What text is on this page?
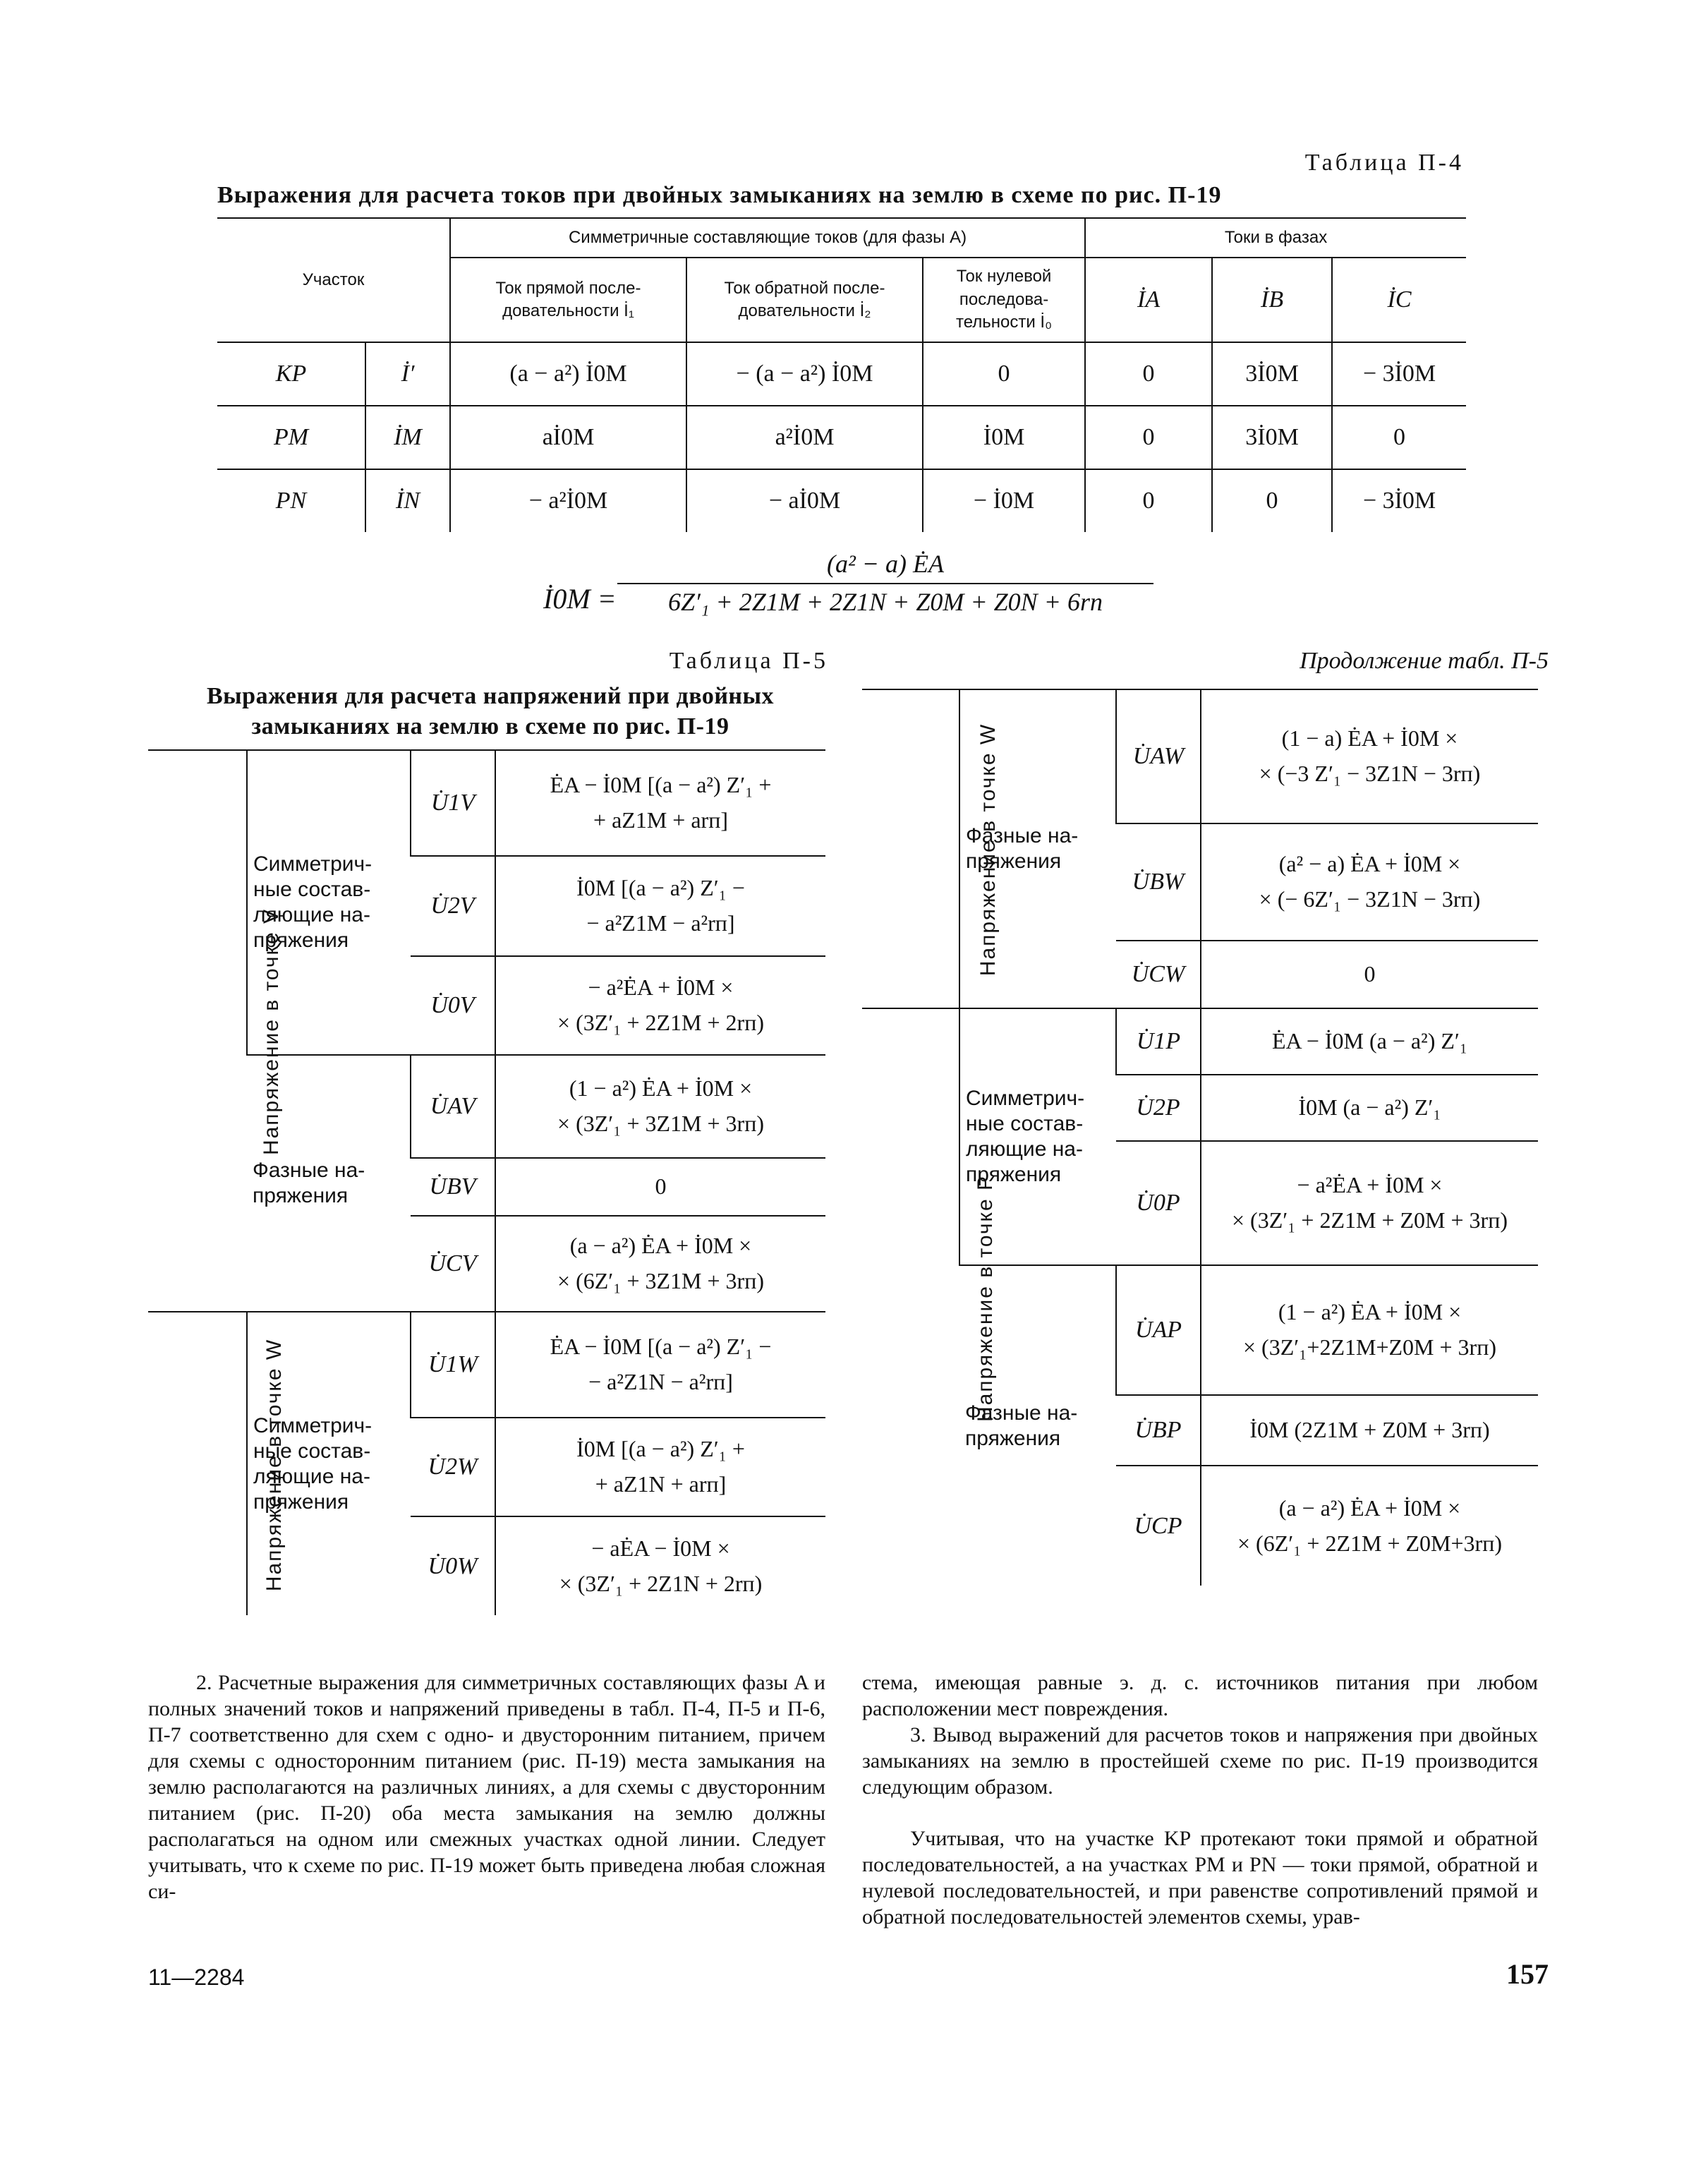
Таблица П-4
Выражения для расчета токов при двойных замыканиях на землю в схеме по рис. П-19
Участок		Симметричные составляющие токов (для фазы A)			Токи в фазах		
		Ток прямой после-довательности İ₁	Ток обратной после-довательности İ₂	Ток нулевой последова-тельности İ₀	İA	İB	İC
KP	İ′	(a − a²) İ0M	− (a − a²) İ0M	0	0	3İ0M	− 3İ0M
PM	İM	aİ0M	a²İ0M	İ0M	0	3İ0M	0
PN	İN	− a²İ0M	− aİ0M	− İ0M	0	0	− 3İ0M
İ0M =
(a² − a) ĖA
6Z′₁ + 2Z1M + 2Z1N + Z0M + Z0N + 6rп
Таблица П-5
Выражения для расчета напряжений при двойных замыканиях на землю в схеме по рис. П-19
Продолжение табл. П-5
Напряжение в точке V	Симметрич-ные состав-ляющие на-пряжения	U̇1V	ĖA − İ0M [(a − a²) Z′₁ +
+ aZ1M + arп]

		U̇2V	İ0M [(a − a²) Z′₁ −
− a²Z1M − a²rп]

		U̇0V	− a²ĖA + İ0M ×
× (3Z′₁ + 2Z1M + 2rп)

	Фазные на-пряжения	U̇AV	(1 − a²) ĖA + İ0M ×
× (3Z′₁ + 3Z1M + 3rп)

		U̇BV	0

		U̇CV	(a − a²) ĖA + İ0M ×
× (6Z′₁ + 3Z1M + 3rп)

Напряжение в точке W	Симметрич-ные состав-ляющие на-пряжения	U̇1W	ĖA − İ0M [(a − a²) Z′₁ −
− a²Z1N − a²rп]

		U̇2W	İ0M [(a − a²) Z′₁ +
+ aZ1N + arп]

		U̇0W	− aĖA − İ0M ×
× (3Z′₁ + 2Z1N + 2rп)
Напряжение в точке W	Фазные на-пряжения	U̇AW	(1 − a) ĖA + İ0M ×
× (−3 Z′₁ − 3Z1N − 3rп)

		U̇BW	(a² − a) ĖA + İ0M ×
× (− 6Z′₁ − 3Z1N − 3rп)

		U̇CW	0

Напряжение в точке P	Симметрич-ные состав-ляющие на-пряжения	U̇1P	ĖA − İ0M (a − a²) Z′₁

		U̇2P	İ0M (a − a²) Z′₁

		U̇0P	− a²ĖA + İ0M ×
× (3Z′₁ + 2Z1M + Z0M + 3rп)

	Фазные на-пряжения	U̇AP	(1 − a²) ĖA + İ0M ×
× (3Z′₁+2Z1M+Z0M + 3rп)

		U̇BP	İ0M (2Z1M + Z0M + 3rп)

		U̇CP	(a − a²) ĖA + İ0M ×
× (6Z′₁ + 2Z1M + Z0M+3rп)
2. Расчетные выражения для симметричных составляющих фазы A и полных значений токов и напряжений приведены в табл. П-4, П-5 и П-6, П-7 соответственно для схем с одно- и двусторонним питанием, причем для схемы с односторонним питанием (рис. П-19) места замыкания на землю располагаются на различных линиях, а для схемы с двусторонним питанием (рис. П-20) оба места замыкания на землю должны располагаться на одном или смежных участках одной линии. Следует учитывать, что к схеме по рис. П-19 может быть приведена любая сложная си-
стема, имеющая равные э. д. с. источников питания при любом расположении мест повреждения.
3. Вывод выражений для расчетов токов и напряжения при двойных замыканиях на землю в простейшей схеме по рис. П-19 производится следующим образом.
Учитывая, что на участке KP протекают токи прямой и обратной последовательностей, а на участках PM и PN — токи прямой, обратной и нулевой последовательностей, и при равенстве сопротивлений прямой и обратной последовательностей элементов схемы, урав-
11—2284	157
